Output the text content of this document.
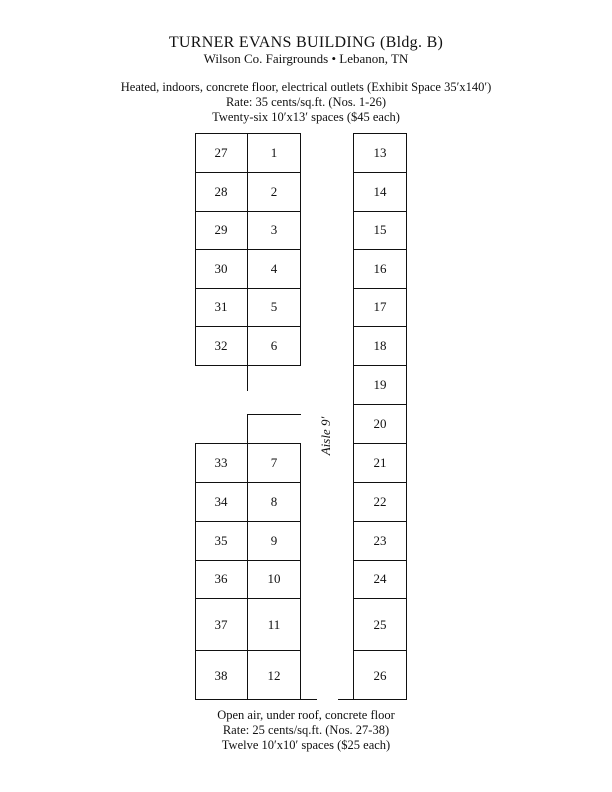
TURNER EVANS BUILDING (Bldg. B)
Wilson Co. Fairgrounds • Lebanon, TN
Heated, indoors, concrete floor, electrical outlets (Exhibit Space 35′x140′)
Rate: 35 cents/sq.ft. (Nos. 1-26)
Twenty-six 10′x13′ spaces ($45 each)
27
28
29
30
31
32
1
2
3
4
5
6
33
34
35
36
37
38
7
8
9
10
11
12
13
14
15
16
17
18
19
20
21
22
23
24
25
26
Aisle 9′
Open air, under roof, concrete floor
Rate: 25 cents/sq.ft. (Nos. 27-38)
Twelve 10′x10′ spaces ($25 each)
